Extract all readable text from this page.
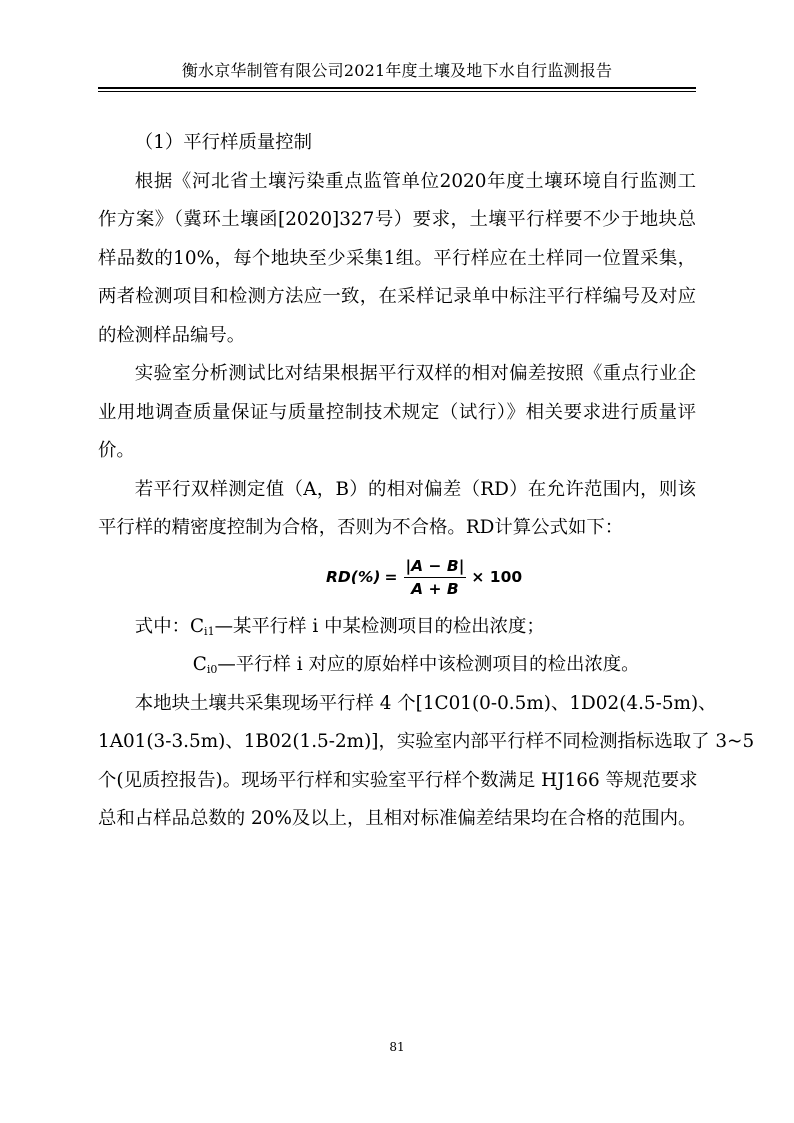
衡水京华制管有限公司2021年度土壤及地下水自行监测报告

（1）平行样质量控制

根据《河北省土壤污染重点监管单位2020年度土壤环境自行监测工作方案》（冀环土壤函[2020]327号）要求，土壤平行样要不少于地块总样品数的10%，每个地块至少采集1组。平行样应在土样同一位置采集，两者检测项目和检测方法应一致，在采样记录单中标注平行样编号及对应的检测样品编号。

实验室分析测试比对结果根据平行双样的相对偏差按照《重点行业企业用地调查质量保证与质量控制技术规定（试行）》相关要求进行质量评价。

若平行双样测定值（A，B）的相对偏差（RD）在允许范围内，则该平行样的精密度控制为合格，否则为不合格。RD计算公式如下：

$RD(\%) = \frac{|A - B|}{A + B} \times 100$

式中：$C_{i1}—$某平行样 i 中某检测项目的检出浓度；

$C_{i0}—$平行样 i 对应的原始样中该检测项目的检出浓度。

本地块土壤共采集现场平行样 4 个[1C01(0-0.5m)、1D02(4.5-5m)、

1A01(3-3.5m)、1B02(1.5-2m)]，实验室内部平行样不同检测指标选取了 3~5

个(见质控报告)。现场平行样和实验室平行样个数满足 HJ166 等规范要求

总和占样品总数的 20%及以上，且相对标准偏差结果均在合格的范围内。

81
